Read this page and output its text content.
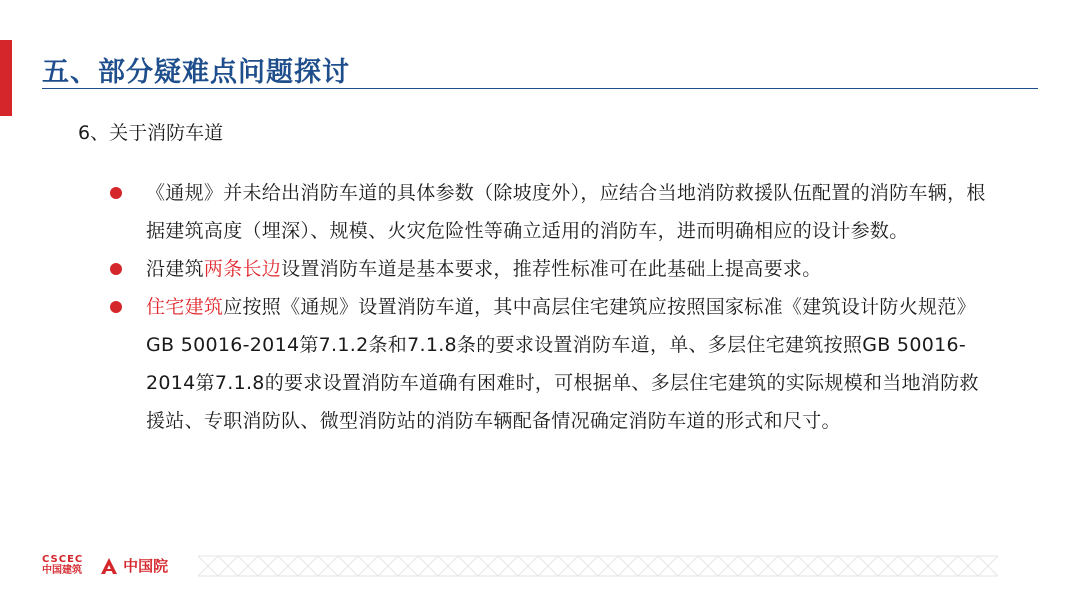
五、部分疑难点问题探讨
6、关于消防车道
《通规》并未给出消防车道的具体参数（除坡度外），应结合当地消防救援队伍配置的消防车辆，根据建筑高度（埋深）、规模、火灾危险性等确立适用的消防车，进而明确相应的设计参数。
沿建筑两条长边设置消防车道是基本要求，推荐性标准可在此基础上提高要求。
住宅建筑应按照《通规》设置消防车道，其中高层住宅建筑应按照国家标准《建筑设计防火规范》GB 50016-2014第7.1.2条和7.1.8条的要求设置消防车道，单、多层住宅建筑按照GB 50016-2014第7.1.8的要求设置消防车道确有困难时，可根据单、多层住宅建筑的实际规模和当地消防救援站、专职消防队、微型消防站的消防车辆配备情况确定消防车道的形式和尺寸。
CSCEC
中国建筑	中国院
